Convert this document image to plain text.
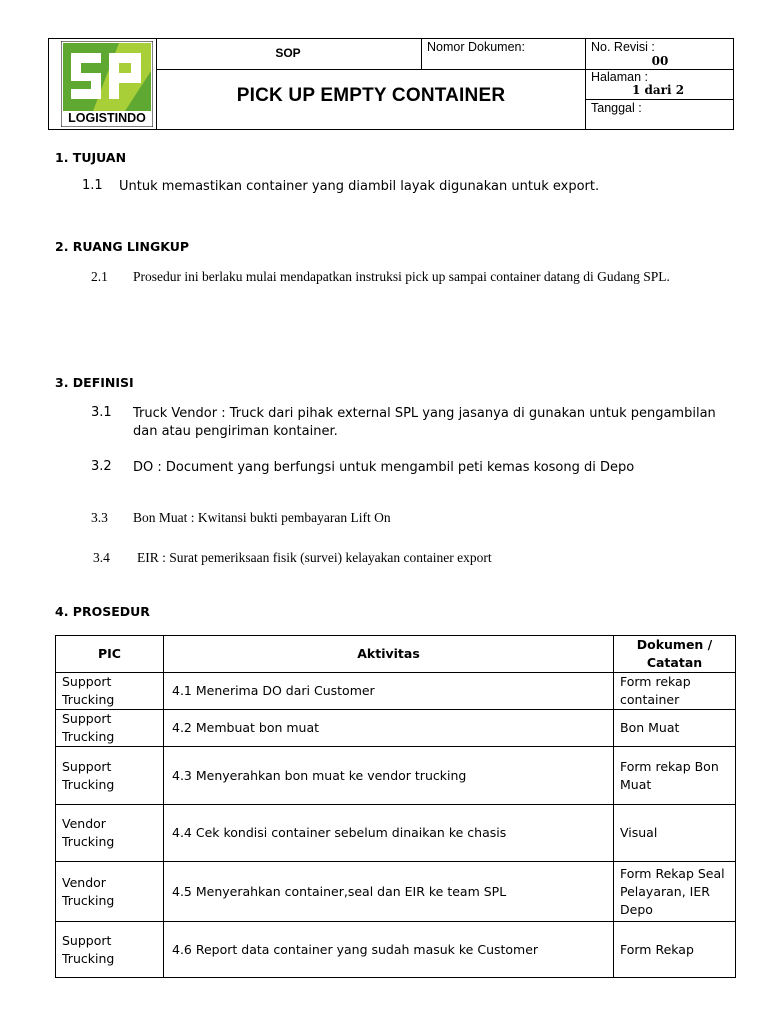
LOGISTINDO
SOP
PICK UP EMPTY CONTAINER
Nomor Dokumen:	No. Revisi :
00
Halaman :
1 dari 2
Tanggal :
1. TUJUAN
1.1 Untuk memastikan container yang diambil layak digunakan untuk export.
2. RUANG LINGKUP
2.1 Prosedur ini berlaku mulai mendapatkan instruksi pick up sampai container datang di Gudang SPL.
3. DEFINISI
3.1 Truck Vendor : Truck dari pihak external SPL yang jasanya di gunakan untuk pengambilan dan atau pengiriman kontainer.
3.2 DO : Document yang berfungsi untuk mengambil peti kemas kosong di Depo
3.3 Bon Muat : Kwitansi bukti pembayaran Lift On
3.4 EIR : Surat pemeriksaan fisik (survei) kelayakan container export
4. PROSEDUR
PIC	Aktivitas	Dokumen / Catatan
Support Trucking	4.1 Menerima DO dari Customer	Form rekap container
Support Trucking	4.2 Membuat bon muat	Bon Muat
Support Trucking	4.3 Menyerahkan bon muat ke vendor trucking	Form rekap Bon Muat
Vendor Trucking	4.4 Cek kondisi container sebelum dinaikan ke chasis	Visual
Vendor Trucking	4.5 Menyerahkan container,seal dan EIR ke team SPL	Form Rekap Seal Pelayaran, IER Depo
Support Trucking	4.6 Report data container yang sudah masuk ke Customer	Form Rekap
